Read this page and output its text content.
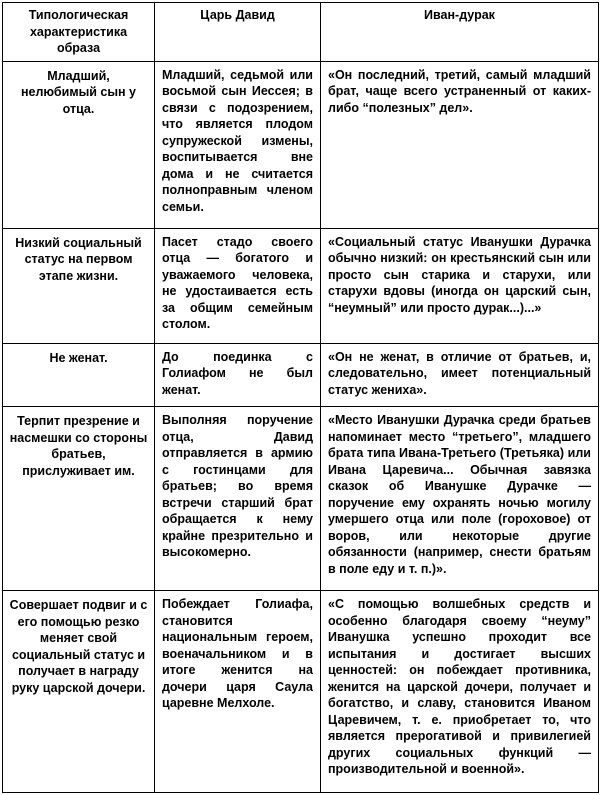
Типологическая характеристика образа	Царь Давид	Иван-дурак
Младший, нелюбимый сын у отца.	Младший, седьмой или восьмой сын Иессея; в связи с подозрением, что является плодом супружеской измены, воспитывается вне дома и не считается полноправным членом семьи.	«Он последний, третий, самый младший брат, чаще всего устраненный от каких-либо “полезных” дел».
Низкий социальный статус на первом этапе жизни.	Пасет стадо своего отца — богатого и уважаемого человека, не удостаивается есть за общим семейным столом.	«Социальный статус Иванушки Дурачка обычно низкий: он крестьянский сын или просто сын старика и старухи, или старухи вдовы (иногда он царский сын, “неумный” или просто дурак...)...»
Не женат.	До поединка с Голиафом не был женат.	«Он не женат, в отличие от братьев, и, следовательно, имеет потенциальный статус жениха».
Терпит презрение и насмешки со стороны братьев, прислуживает им.	Выполняя поручение отца, Давид отправляется в армию с гостинцами для братьев; во время встречи старший брат обращается к нему крайне презрительно и высокомерно.	«Место Иванушки Дурачка среди братьев напоминает место “третьего”, младшего брата типа Ивана-Третьего (Третьяка) или Ивана Царевича... Обычная завязка сказок об Иванушке Дурачке — поручение ему охранять ночью могилу умершего отца или поле (гороховое) от воров, или некоторые другие обязанности (например, снести братьям в поле еду и т. п.)».
Совершает подвиг и с его помощью резко меняет свой социальный статус и получает в награду руку царской дочери.	Побеждает Голиафа, становится национальным героем, военачальником и в итоге женится на дочери царя Саула царевне Мелхоле.	«С помощью волшебных средств и особенно благодаря своему “неуму” Иванушка успешно проходит все испытания и достигает высших ценностей: он побеждает противника, женится на царской дочери, получает и богатство, и славу, становится Иваном Царевичем, т. е. приобретает то, что является прерогативой и привилегией других социальных функций — производительной и военной».
